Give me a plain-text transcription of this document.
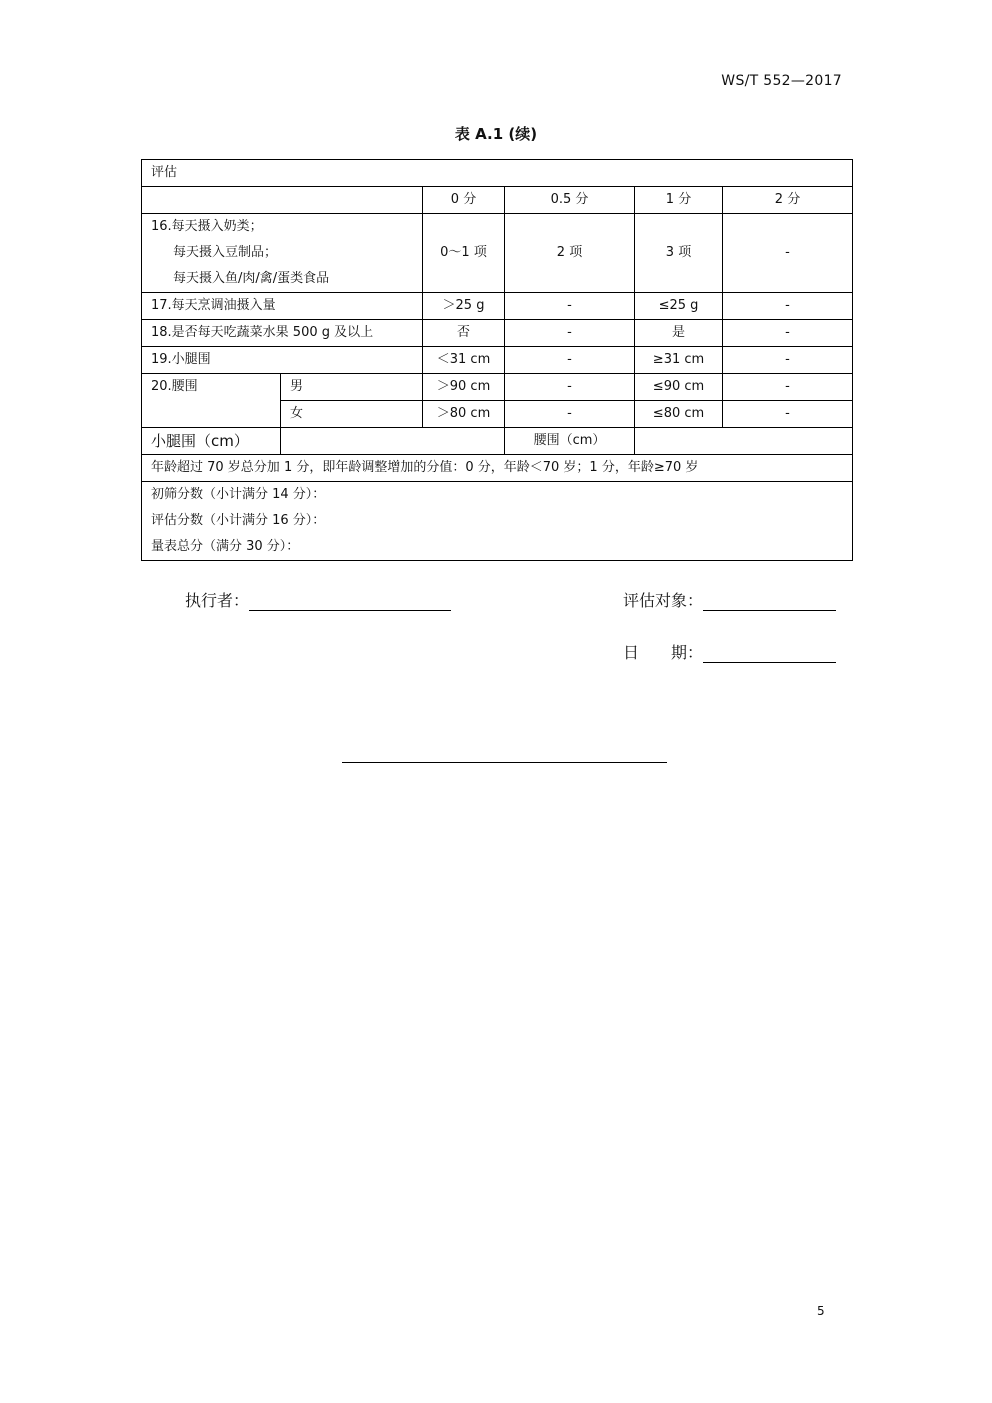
WS/T 552—2017
表 A.1 (续)
评估					
		0 分	0.5 分	1 分	2 分

16.每天摄入奶类；
每天摄入豆制品；
每天摄入鱼/肉/禽/蛋类食品		0～1 项	2 项	3 项	-
17.每天烹调油摄入量		＞25 g	-	≤25 g	-
18.是否每天吃蔬菜水果 500 g 及以上		否	-	是	-
19.小腿围		＜31 cm	-	≥31 cm	-
20.腰围	男	＞90 cm	-	≤90 cm	-
	女	＞80 cm	-	≤80 cm	-
小腿围（cm）			腰围（cm）		
年龄超过 70 岁总分加 1 分，即年龄调整增加的分值：0 分，年龄＜70 岁；1 分，年龄≥70 岁					

初筛分数（小计满分 14 分）：
评估分数（小计满分 16 分）：
量表总分（满分 30 分）：					
执行者：	评估对象：
日　　期：
5
